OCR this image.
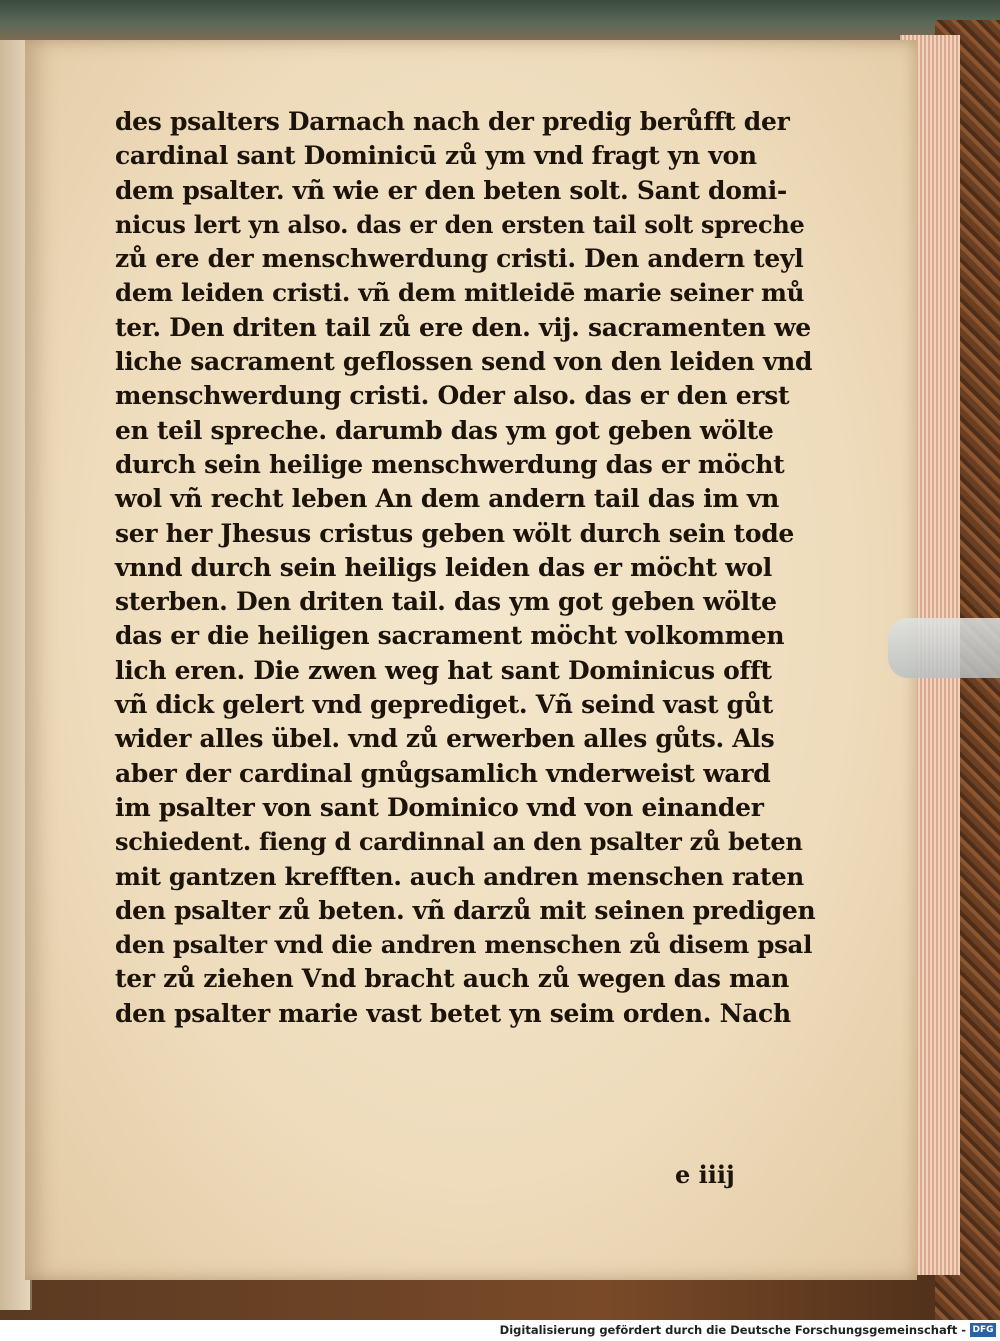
des psalters Darnach nach der predig berůfft der
cardinal sant Dominicū zů ym vnd fragt yn von
dem psalter. vñ wie er den beten solt. Sant domi-
nicus lert yn also. das er den ersten tail solt spreche
zů ere der menschwerdung cristi. Den andern teyl
dem leiden cristi. vñ dem mitleidē marie seiner mů
ter. Den driten tail zů ere den. vij. sacramenten we
liche sacrament geflossen send von den leiden vnd
menschwerdung cristi. Oder also. das er den erst
en teil spreche. darumb das ym got geben wölte
durch sein heilige menschwerdung das er möcht
wol vñ recht leben An dem andern tail das im vn
ser her Jhesus cristus geben wölt durch sein tode
vnnd durch sein heiligs leiden das er möcht wol
sterben. Den driten tail. das ym got geben wölte
das er die heiligen sacrament möcht volkommen
lich eren. Die zwen weg hat sant Dominicus offt
vñ dick gelert vnd geprediget. Vñ seind vast gůt
wider alles übel. vnd zů erwerben alles gůts. Als
aber der cardinal gnůgsamlich vnderweist ward
im psalter von sant Dominico vnd von einander
schiedent. fieng d cardinnal an den psalter zů beten
mit gantzen krefften. auch andren menschen raten
den psalter zů beten. vñ darzů mit seinen predigen
den psalter vnd die andren menschen zů disem psal
ter zů ziehen Vnd bracht auch zů wegen das man
den psalter marie vast betet yn seim orden. Nach
e iiij
Digitalisierung gefördert durch die Deutsche Forschungsgemeinschaft - DFG
